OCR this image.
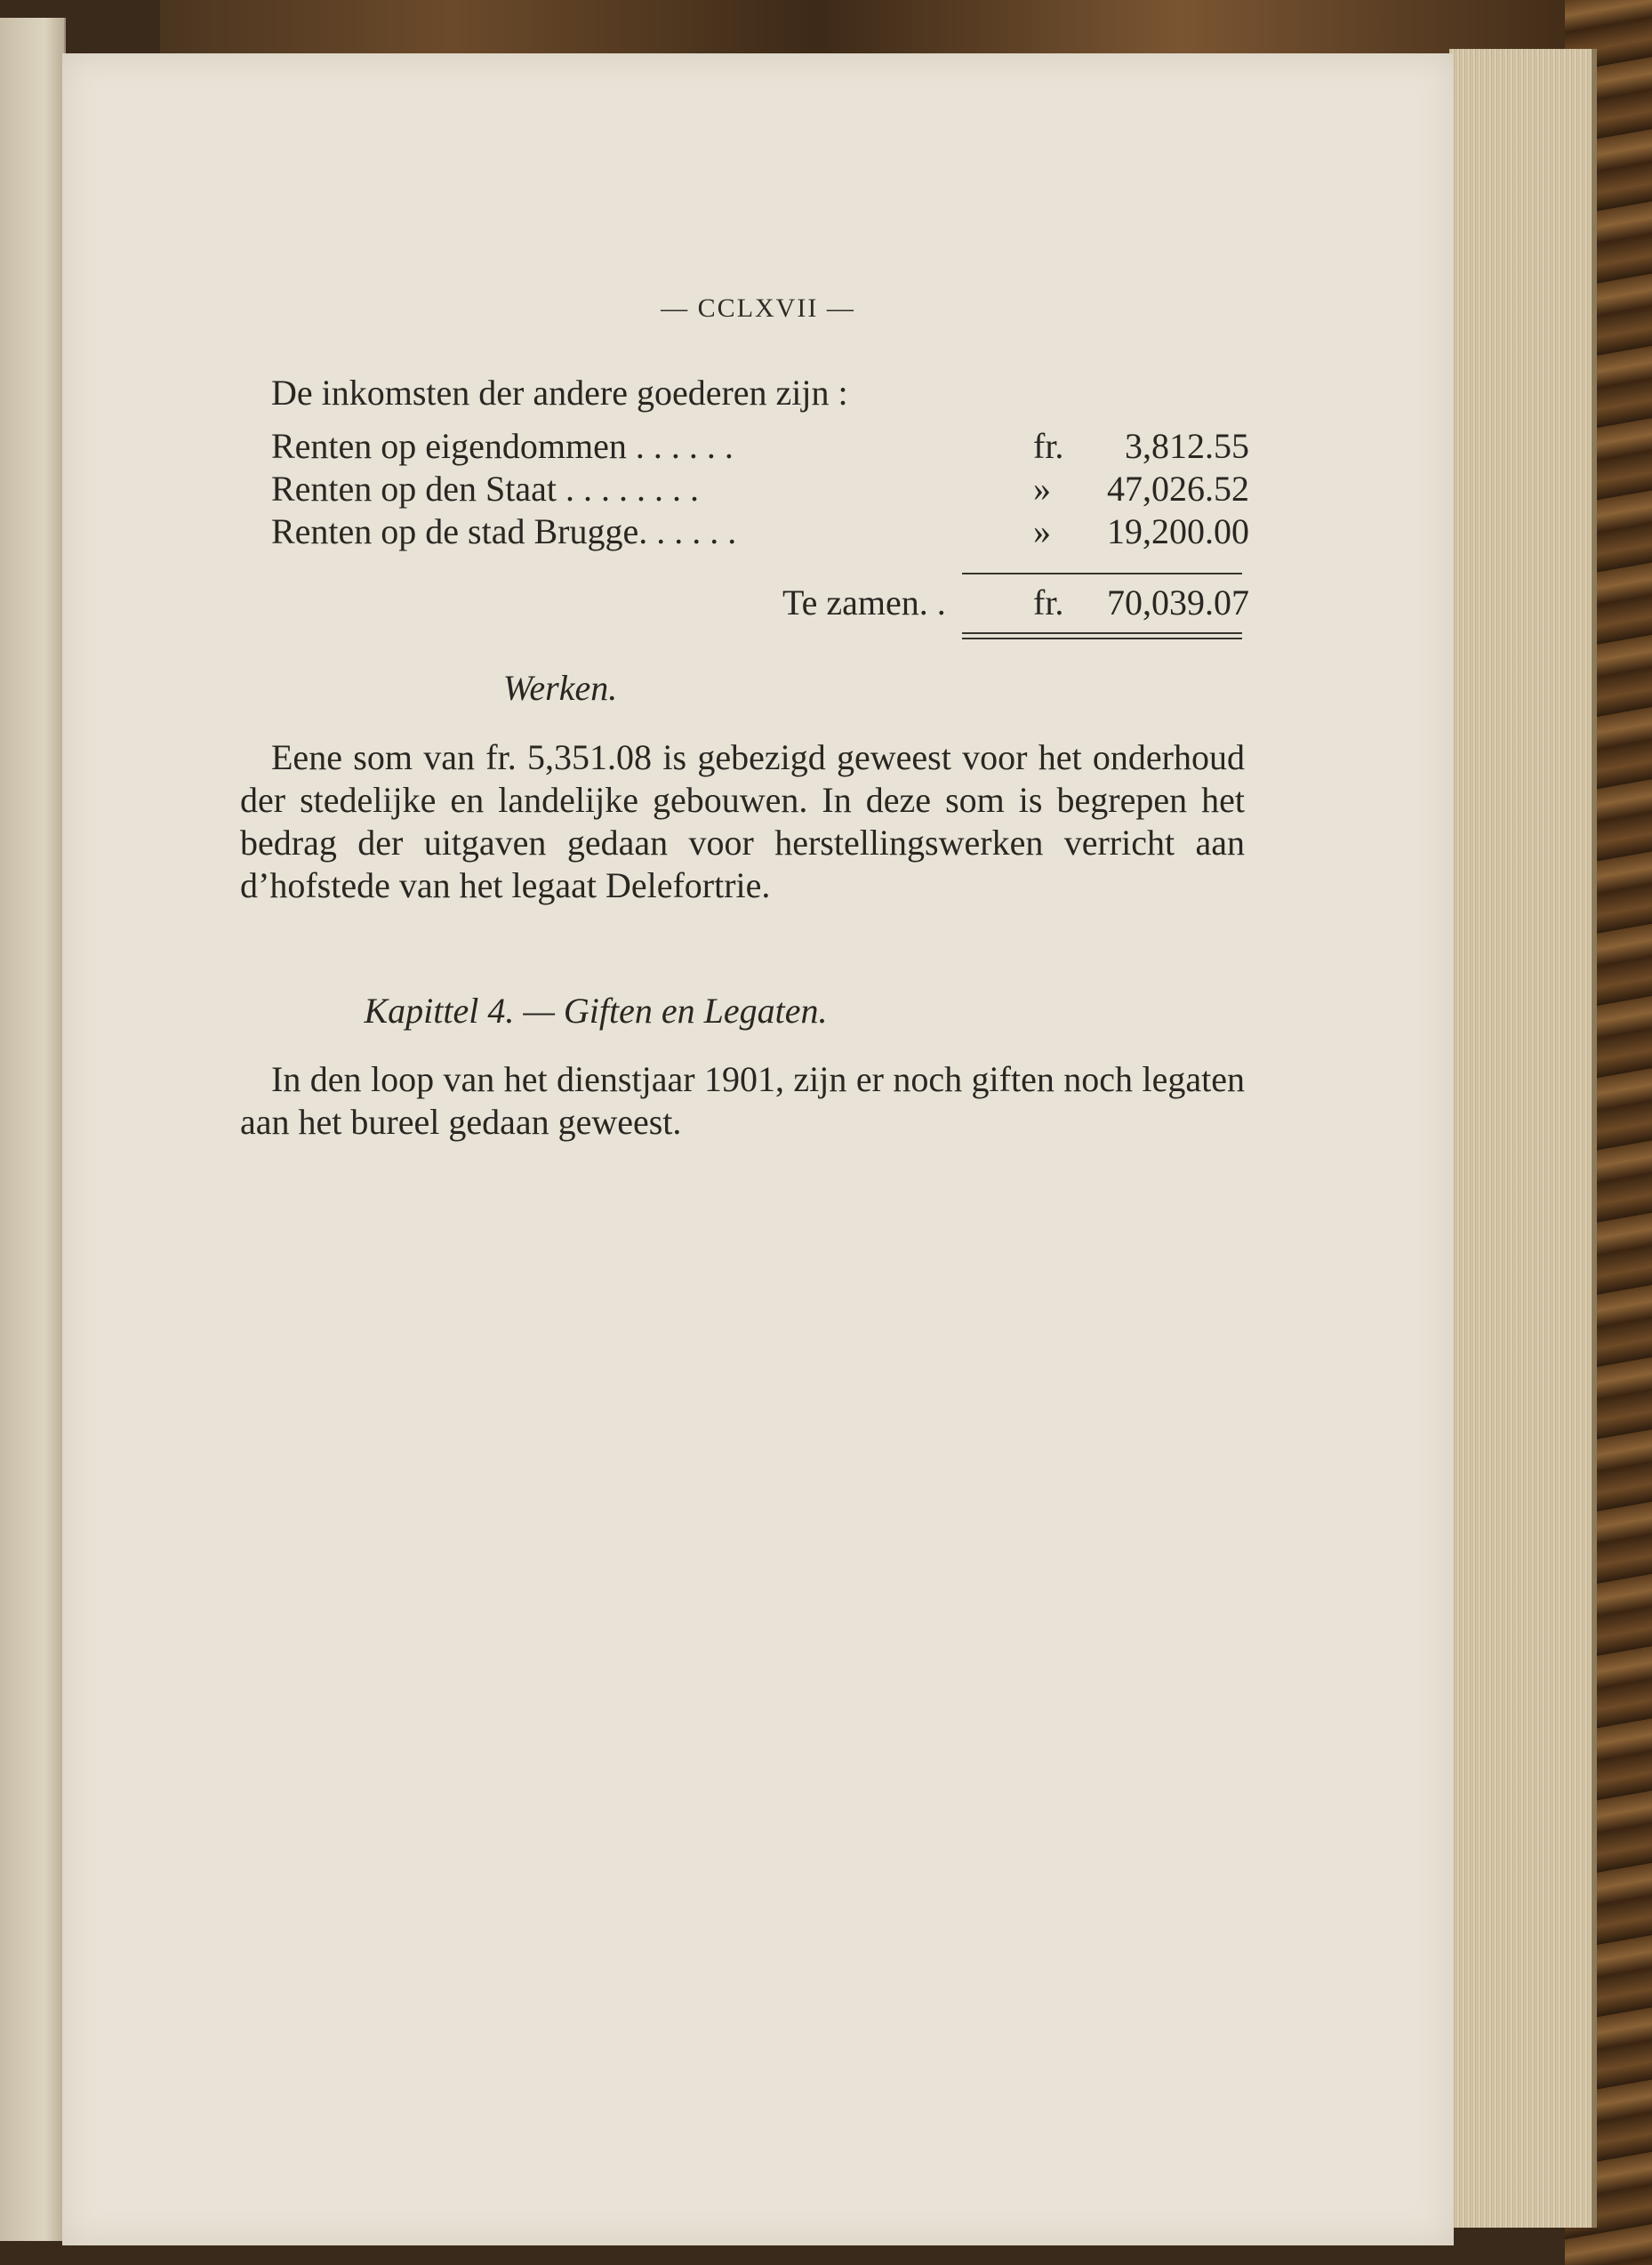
— CCLXVII —
De inkomsten der andere goederen zijn :
Renten op eigendommen . . . . . .	fr.	3,812.55
Renten op den Staat . . . . . . . .	»	47,026.52
Renten op de stad Brugge. . . . . .	»	19,200.00
Te zamen. . fr.	70,039.07
Werken.
Eene som van fr. 5,351.08 is gebezigd geweest voor het onderhoud der stedelijke en landelijke gebouwen. In deze som is begrepen het bedrag der uitgaven gedaan voor herstellingswerken verricht aan d’hofstede van het legaat Delefortrie.
Kapittel 4. — Giften en Legaten.
In den loop van het dienstjaar 1901, zijn er noch giften noch legaten aan het bureel gedaan geweest.
